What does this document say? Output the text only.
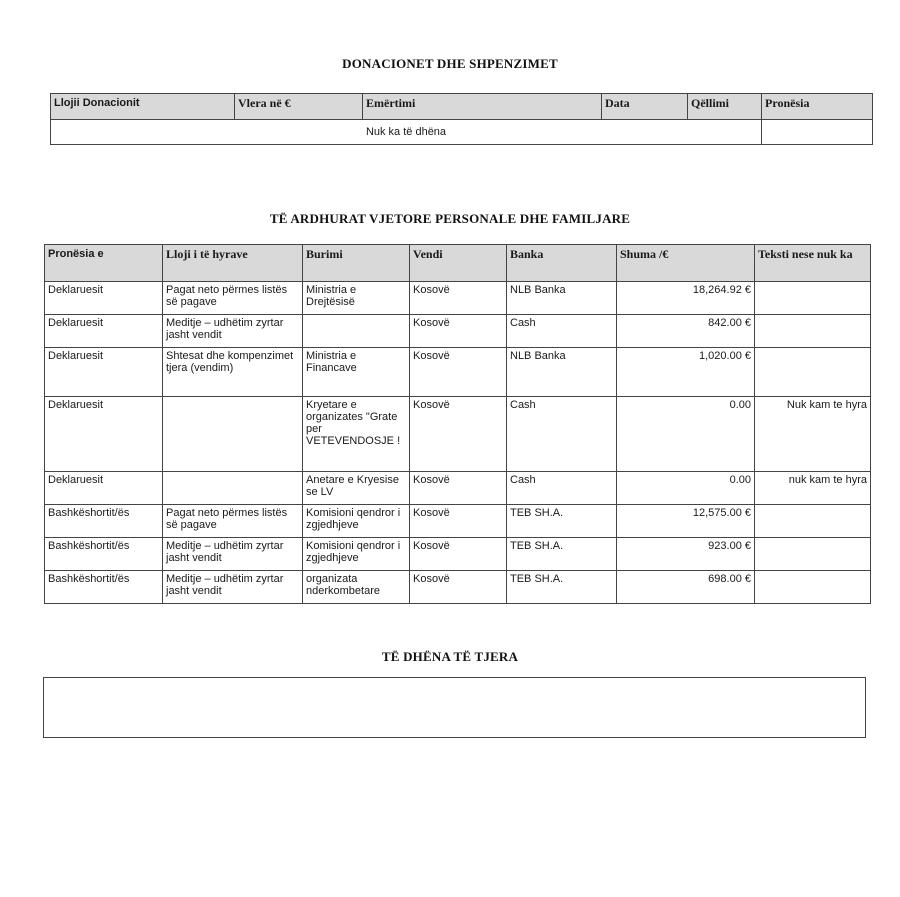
DONACIONET DHE SHPENZIMET
Llojii Donacionit	Vlera në €	Emërtimi	Data	Qëllimi	Pronësia
Nuk ka të dhëna					
TË ARDHURAT VJETORE PERSONALE DHE FAMILJARE
Pronësia e	Lloji i të hyrave	Burimi	Vendi	Banka	Shuma /€	Teksti nese nuk ka
Deklaruesit	Pagat neto përmes listës së pagave	Ministria e Drejtësisë	Kosovë	NLB Banka	18,264.92 €	
Deklaruesit	Meditje – udhëtim zyrtar jasht vendit		Kosovë	Cash	842.00 €	
Deklaruesit	Shtesat dhe kompenzimet tjera (vendim)	Ministria e Financave	Kosovë	NLB Banka	1,020.00 €	
Deklaruesit		Kryetare e organizates "Grate per VETEVENDOSJE !	Kosovë	Cash	0.00	Nuk kam te hyra
Deklaruesit		Anetare e Kryesise se LV	Kosovë	Cash	0.00	nuk kam te hyra
Bashkëshortit/ës	Pagat neto përmes listës së pagave	Komisioni qendror i zgjedhjeve	Kosovë	TEB SH.A.	12,575.00 €	
Bashkëshortit/ës	Meditje – udhëtim zyrtar jasht vendit	Komisioni qendror i zgjedhjeve	Kosovë	TEB SH.A.	923.00 €	
Bashkëshortit/ës	Meditje – udhëtim zyrtar jasht vendit	organizata nderkombetare	Kosovë	TEB SH.A.	698.00 €	
TË DHËNA TË TJERA
